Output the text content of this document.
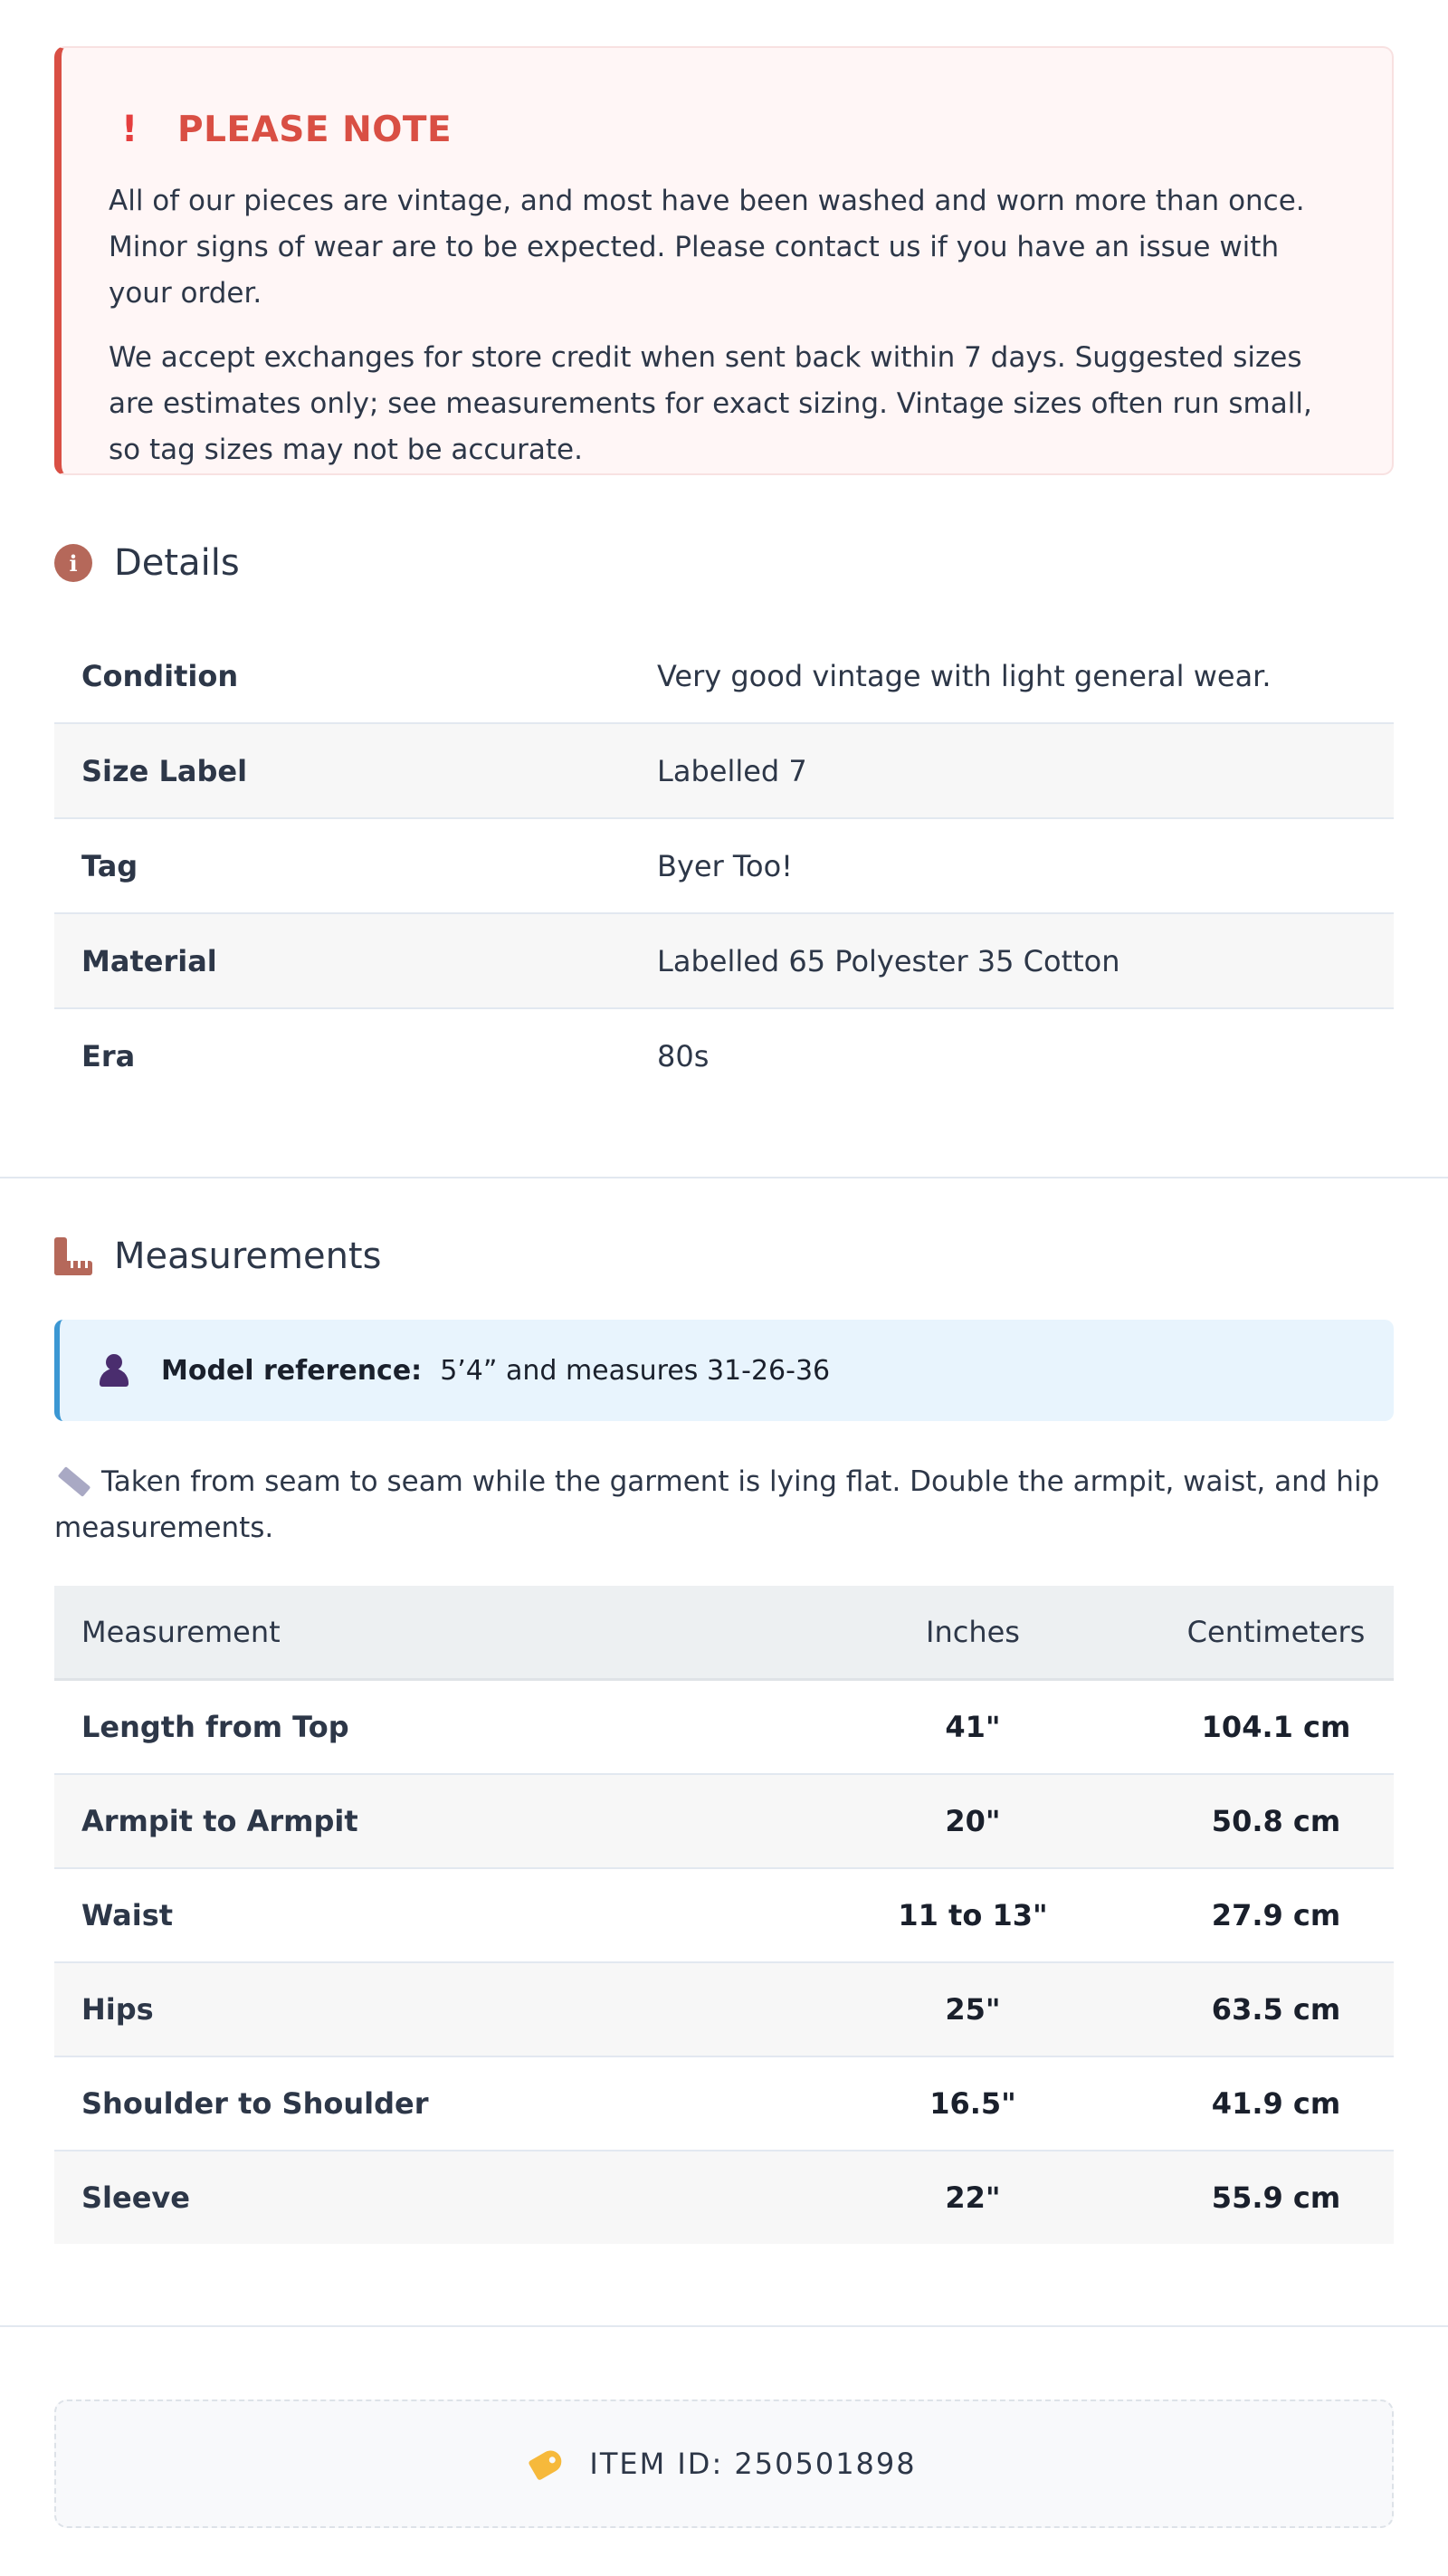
!	PLEASE NOTE

All of our pieces are vintage, and most have been washed and worn more than once. Minor signs of wear are to be expected. Please contact us if you have an issue with your order.

We accept exchanges for store credit when sent back within 7 days. Suggested sizes are estimates only; see measurements for exact sizing. Vintage sizes often run small, so tag sizes may not be accurate.

i	Details
Condition	Very good vintage with light general wear.
Size Label	Labelled 7
Tag	Byer Too!
Material	Labelled 65 Polyester 35 Cotton
Era	80s
Measurements
Model reference: 5’4” and measures 31-26-36
Taken from seam to seam while the garment is lying flat. Double the armpit, waist, and hip measurements.
Measurement	Inches	Centimeters
Length from Top	41"	104.1 cm
Armpit to Armpit	20"	50.8 cm
Waist	11 to 13"	27.9 cm
Hips	25"	63.5 cm
Shoulder to Shoulder	16.5"	41.9 cm
Sleeve	22"	55.9 cm
ITEM ID: 250501898
